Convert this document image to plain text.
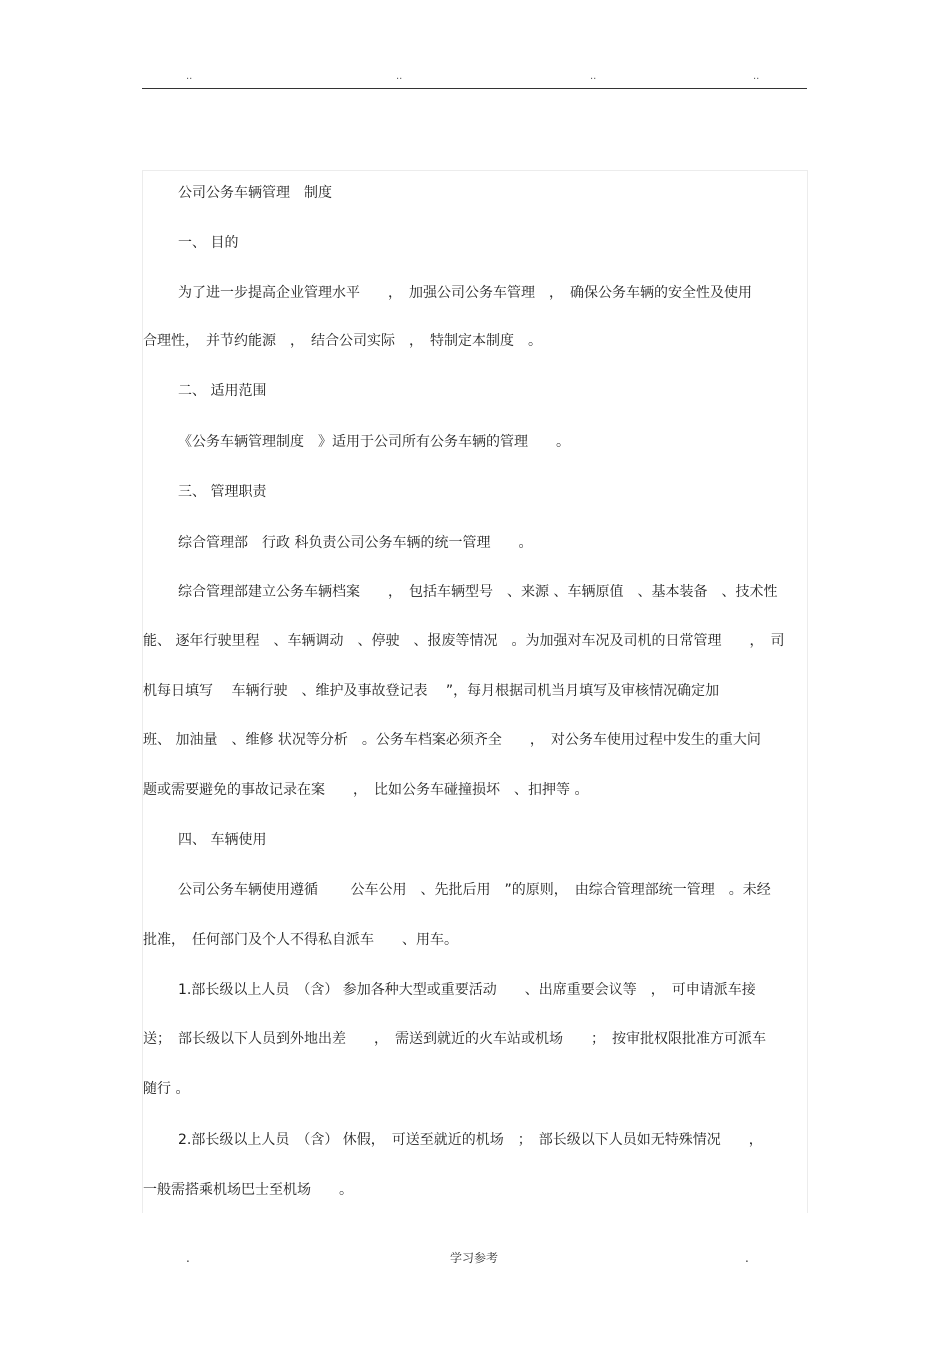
..	..	..	..
公司公务车辆管理　制度
一、 目的
为了进一步提高企业管理水平　　，　加强公司公务车管理　，　确保公务车辆的安全性及使用
合理性，　并节约能源　，　结合公司实际　，　特制定本制度　。
二、 适用范围
《公务车辆管理制度　》适用于公司所有公务车辆的管理　　。
三、 管理职责
综合管理部　行政 科负责公司公务车辆的统一管理　　。
综合管理部建立公务车辆档案　　，　包括车辆型号　、来源 、车辆原值　、基本装备　、技术性
能、 逐年行驶里程　、车辆调动　、停驶　、报废等情况　。为加强对车况及司机的日常管理　　，　司
机每日填写　 车辆行驶　、维护及事故登记表　 ”，每月根据司机当月填写及审核情况确定加
班、 加油量　、维修 状况等分析　。公务车档案必须齐全　　，　对公务车使用过程中发生的重大问
题或需要避免的事故记录在案　　，　比如公务车碰撞损坏　、扣押等 。
四、 车辆使用
公司公务车辆使用遵循　　 公车公用　、先批后用　”的原则，　由综合管理部统一管理　。未经
批准，　任何部门及个人不得私自派车　　、用车。
1.部长级以上人员　（含） 参加各种大型或重要活动　　、出席重要会议等　，　可申请派车接
送；　部长级以下人员到外地出差　　，　需送到就近的火车站或机场　　；　按审批权限批准方可派车
随行 。
2.部长级以上人员　（含） 休假，　可送至就近的机场　；　部长级以下人员如无特殊情况　　，
一般需搭乘机场巴士至机场　　。
.	学习参考	.
